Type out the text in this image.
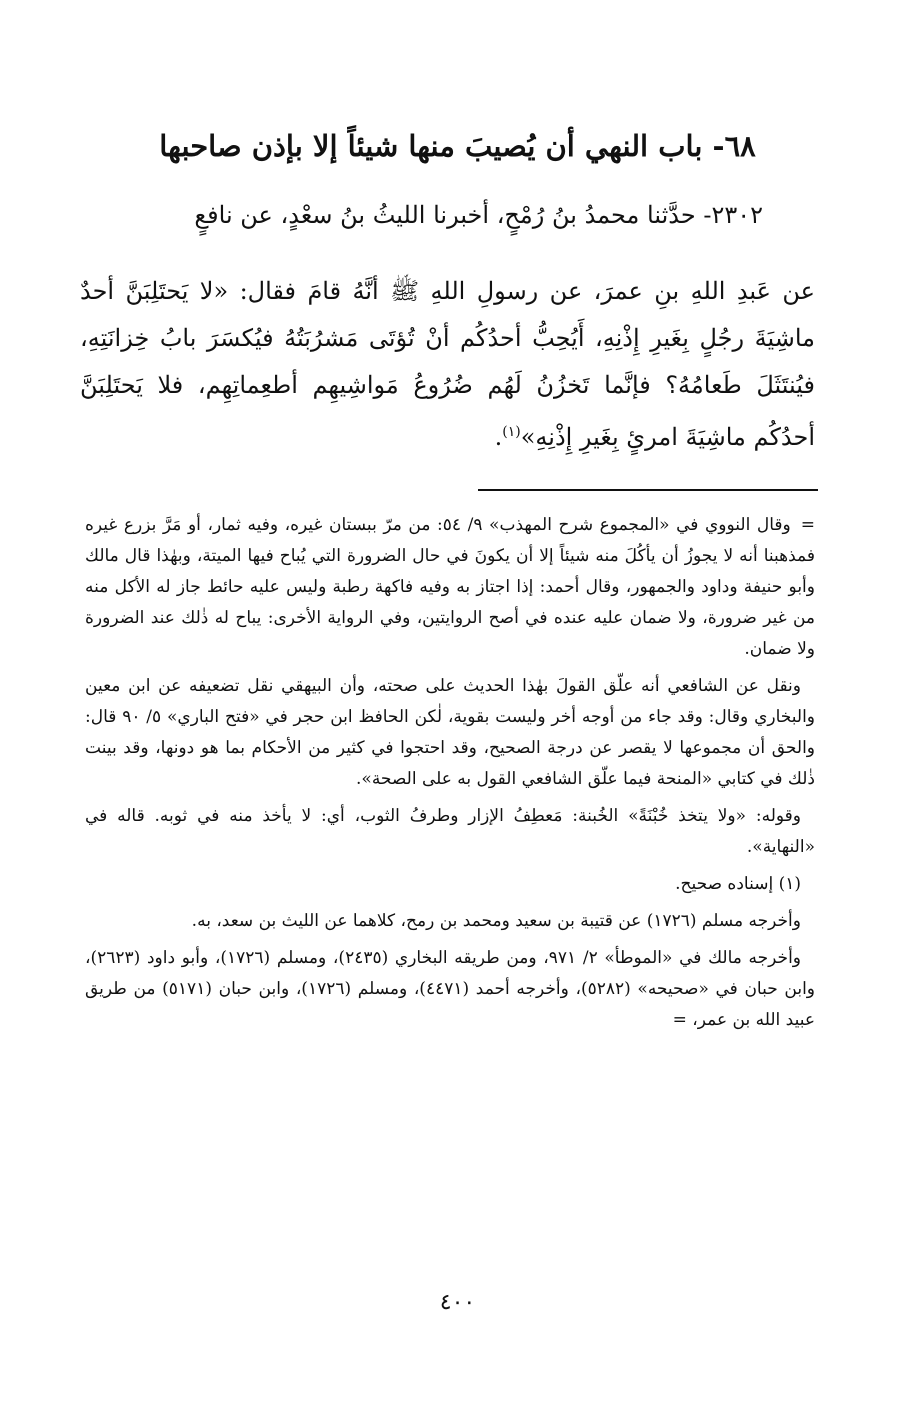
٦٨- باب النهي أن يُصيبَ منها شيئاً إلا بإذن صاحبها
٢٣٠٢- حدَّثنا محمدُ بنُ رُمْحٍ، أخبرنا الليثُ بنُ سعْدٍ، عن نافعٍ

عن عَبدِ اللهِ بنِ عمرَ، عن رسولِ اللهِ ﷺ أنَّهُ قامَ فقال: «لا يَحتَلِبَنَّ أحدٌ ماشِيَةَ رجُلٍ بِغَيرِ إِذْنِهِ، أَيُحِبُّ أحدُكُم أنْ تُؤتَى مَشرُبَتُهُ فيُكسَرَ بابُ خِزانَتِهِ، فيُنتَثَلَ طَعامُهُ؟ فإنَّما تَخزُنُ لَهُم ضُرُوعُ مَواشِيهِم أطعِماتِهِم، فلا يَحتَلِبَنَّ أحدُكُم ماشِيَةَ امرئٍ بِغَيرِ إِذْنِهِ»$^{(١)}$.

=وقال النووي في «المجموع شرح المهذب» ٩/ ٥٤: من مرّ ببستان غيره، وفيه ثمار، أو مَرَّ بزرع غيره فمذهبنا أنه لا يجوزُ أن يأكُلَ منه شيئاً إلا أن يكونَ في حال الضرورة التي يُباح فيها الميتة، وبهٰذا قال مالك وأبو حنيفة وداود والجمهور، وقال أحمد: إذا اجتاز به وفيه فاكهة رطبة وليس عليه حائط جاز له الأكل منه من غير ضرورة، ولا ضمان عليه عنده في أصح الروايتين، وفي الرواية الأخرى: يباح له ذٰلك عند الضرورة ولا ضمان.

ونقل عن الشافعي أنه علّق القولَ بهٰذا الحديث على صحته، وأن البيهقي نقل تضعيفه عن ابن معين والبخاري وقال: وقد جاء من أوجه أخر وليست بقوية، لٰكن الحافظ ابن حجر في «فتح الباري» ٥/ ٩٠ قال: والحق أن مجموعها لا يقصر عن درجة الصحيح، وقد احتجوا في كثير من الأحكام بما هو دونها، وقد بينت ذٰلك في كتابي «المنحة فيما علّق الشافعي القول به على الصحة».

وقوله: «ولا يتخذ خُبْنَةً» الخُبنة: مَعطِفُ الإزار وطرفُ الثوب، أي: لا يأخذ منه في ثوبه. قاله في «النهاية».

(١) إسناده صحيح.

وأخرجه مسلم (١٧٢٦) عن قتيبة بن سعيد ومحمد بن رمح، كلاهما عن الليث بن سعد، به.

وأخرجه مالك في «الموطأ» ٢/ ٩٧١، ومن طريقه البخاري (٢٤٣٥)، ومسلم (١٧٢٦)، وأبو داود (٢٦٢٣)، وابن حبان في «صحيحه» (٥٢٨٢)، وأخرجه أحمد (٤٤٧١)، ومسلم (١٧٢٦)، وابن حبان (٥١٧١) من طريق عبيد الله بن عمر، =

٤٠٠
